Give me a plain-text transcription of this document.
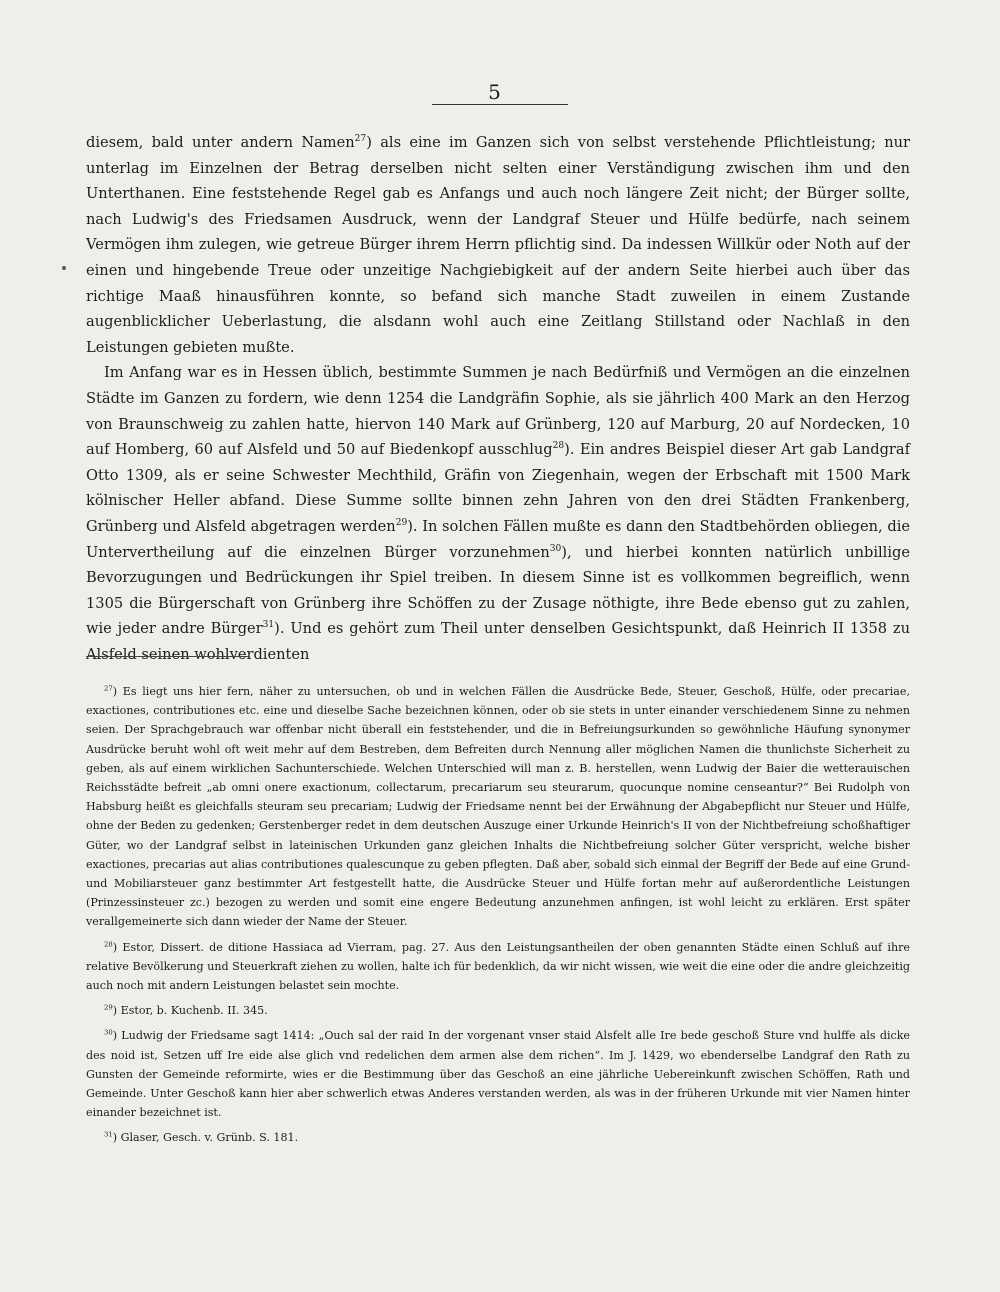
5

diesem, bald unter andern Namen$^{27}$) als eine im Ganzen sich von selbst verstehende Pflichtleistung; nur unterlag im Einzelnen der Betrag derselben nicht selten einer Verständigung zwischen ihm und den Unterthanen. Eine feststehende Regel gab es Anfangs und auch noch längere Zeit nicht; der Bürger sollte, nach Ludwig's des Friedsamen Ausdruck, wenn der Landgraf Steuer und Hülfe bedürfe, nach seinem Vermögen ihm zulegen, wie getreue Bürger ihrem Herrn pflichtig sind. Da indessen Willkür oder Noth auf der einen und hingebende Treue oder unzeitige Nachgiebigkeit auf der andern Seite hierbei auch über das richtige Maaß hinausführen konnte, so befand sich manche Stadt zuweilen in einem Zustande augenblicklicher Ueberlastung, die alsdann wohl auch eine Zeitlang Stillstand oder Nachlaß in den Leistungen gebieten mußte.

Im Anfang war es in Hessen üblich, bestimmte Summen je nach Bedürfniß und Vermögen an die einzelnen Städte im Ganzen zu fordern, wie denn 1254 die Landgräfin Sophie, als sie jährlich 400 Mark an den Herzog von Braunschweig zu zahlen hatte, hiervon 140 Mark auf Grünberg, 120 auf Marburg, 20 auf Nordecken, 10 auf Homberg, 60 auf Alsfeld und 50 auf Biedenkopf ausschlug$^{28}$). Ein andres Beispiel dieser Art gab Landgraf Otto 1309, als er seine Schwester Mechthild, Gräfin von Ziegenhain, wegen der Erbschaft mit 1500 Mark kölnischer Heller abfand. Diese Summe sollte binnen zehn Jahren von den drei Städten Frankenberg, Grünberg und Alsfeld abgetragen werden$^{29}$). In solchen Fällen mußte es dann den Stadtbehörden obliegen, die Untervertheilung auf die einzelnen Bürger vorzunehmen$^{30}$), und hierbei konnten natürlich unbillige Bevorzugungen und Bedrückungen ihr Spiel treiben. In diesem Sinne ist es vollkommen begreiflich, wenn 1305 die Bürgerschaft von Grünberg ihre Schöffen zu der Zusage nöthigte, ihre Bede ebenso gut zu zahlen, wie jeder andre Bürger$^{31}$). Und es gehört zum Theil unter denselben Gesichtspunkt, daß Heinrich II 1358 zu Alsfeld seinen wohlverdienten

$^{27}$) Es liegt uns hier fern, näher zu untersuchen, ob und in welchen Fällen die Ausdrücke Bede, Steuer, Geschoß, Hülfe, oder precariae, exactiones, contributiones etc. eine und dieselbe Sache bezeichnen können, oder ob sie stets in unter einander verschiedenem Sinne zu nehmen seien. Der Sprachgebrauch war offenbar nicht überall ein feststehender, und die in Befreiungsurkunden so gewöhnliche Häufung synonymer Ausdrücke beruht wohl oft weit mehr auf dem Bestreben, dem Befreiten durch Nennung aller möglichen Namen die thunlichste Sicherheit zu geben, als auf einem wirklichen Sachunterschiede. Welchen Unterschied will man z. B. herstellen, wenn Ludwig der Baier die wetterauischen Reichsstädte befreit „ab omni onere exactionum, collectarum, precariarum seu steurarum, quocunque nomine censeantur?“ Bei Rudolph von Habsburg heißt es gleichfalls steuram seu precariam; Ludwig der Friedsame nennt bei der Erwähnung der Abgabepflicht nur Steuer und Hülfe, ohne der Beden zu gedenken; Gerstenberger redet in dem deutschen Auszuge einer Urkunde Heinrich's II von der Nichtbefreiung schoßhaftiger Güter, wo der Landgraf selbst in lateinischen Urkunden ganz gleichen Inhalts die Nichtbefreiung solcher Güter verspricht, welche bisher exactiones, precarias aut alias contributiones qualescunque zu geben pflegten. Daß aber, sobald sich einmal der Begriff der Bede auf eine Grund- und Mobiliarsteuer ganz bestimmter Art festgestellt hatte, die Ausdrücke Steuer und Hülfe fortan mehr auf außerordentliche Leistungen (Prinzessinsteuer zc.) bezogen zu werden und somit eine engere Bedeutung anzunehmen anfingen, ist wohl leicht zu erklären. Erst später verallgemeinerte sich dann wieder der Name der Steuer.

$^{28}$) Estor, Dissert. de ditione Hassiaca ad Vierram, pag. 27. Aus den Leistungsantheilen der oben genannten Städte einen Schluß auf ihre relative Bevölkerung und Steuerkraft ziehen zu wollen, halte ich für bedenklich, da wir nicht wissen, wie weit die eine oder die andre gleichzeitig auch noch mit andern Leistungen belastet sein mochte.

$^{29}$) Estor, b. Kuchenb. II. 345.

$^{30}$) Ludwig der Friedsame sagt 1414: „Ouch sal der raid In der vorgenant vnser staid Alsfelt alle Ire bede geschoß Sture vnd hulffe als dicke des noid ist, Setzen uff Ire eide alse glich vnd redelichen dem armen alse dem richen“. Im J. 1429, wo ebenderselbe Landgraf den Rath zu Gunsten der Gemeinde reformirte, wies er die Bestimmung über das Geschoß an eine jährliche Uebereinkunft zwischen Schöffen, Rath und Gemeinde. Unter Geschoß kann hier aber schwerlich etwas Anderes verstanden werden, als was in der früheren Urkunde mit vier Namen hinter einander bezeichnet ist.

$^{31}$) Glaser, Gesch. v. Grünb. S. 181.
